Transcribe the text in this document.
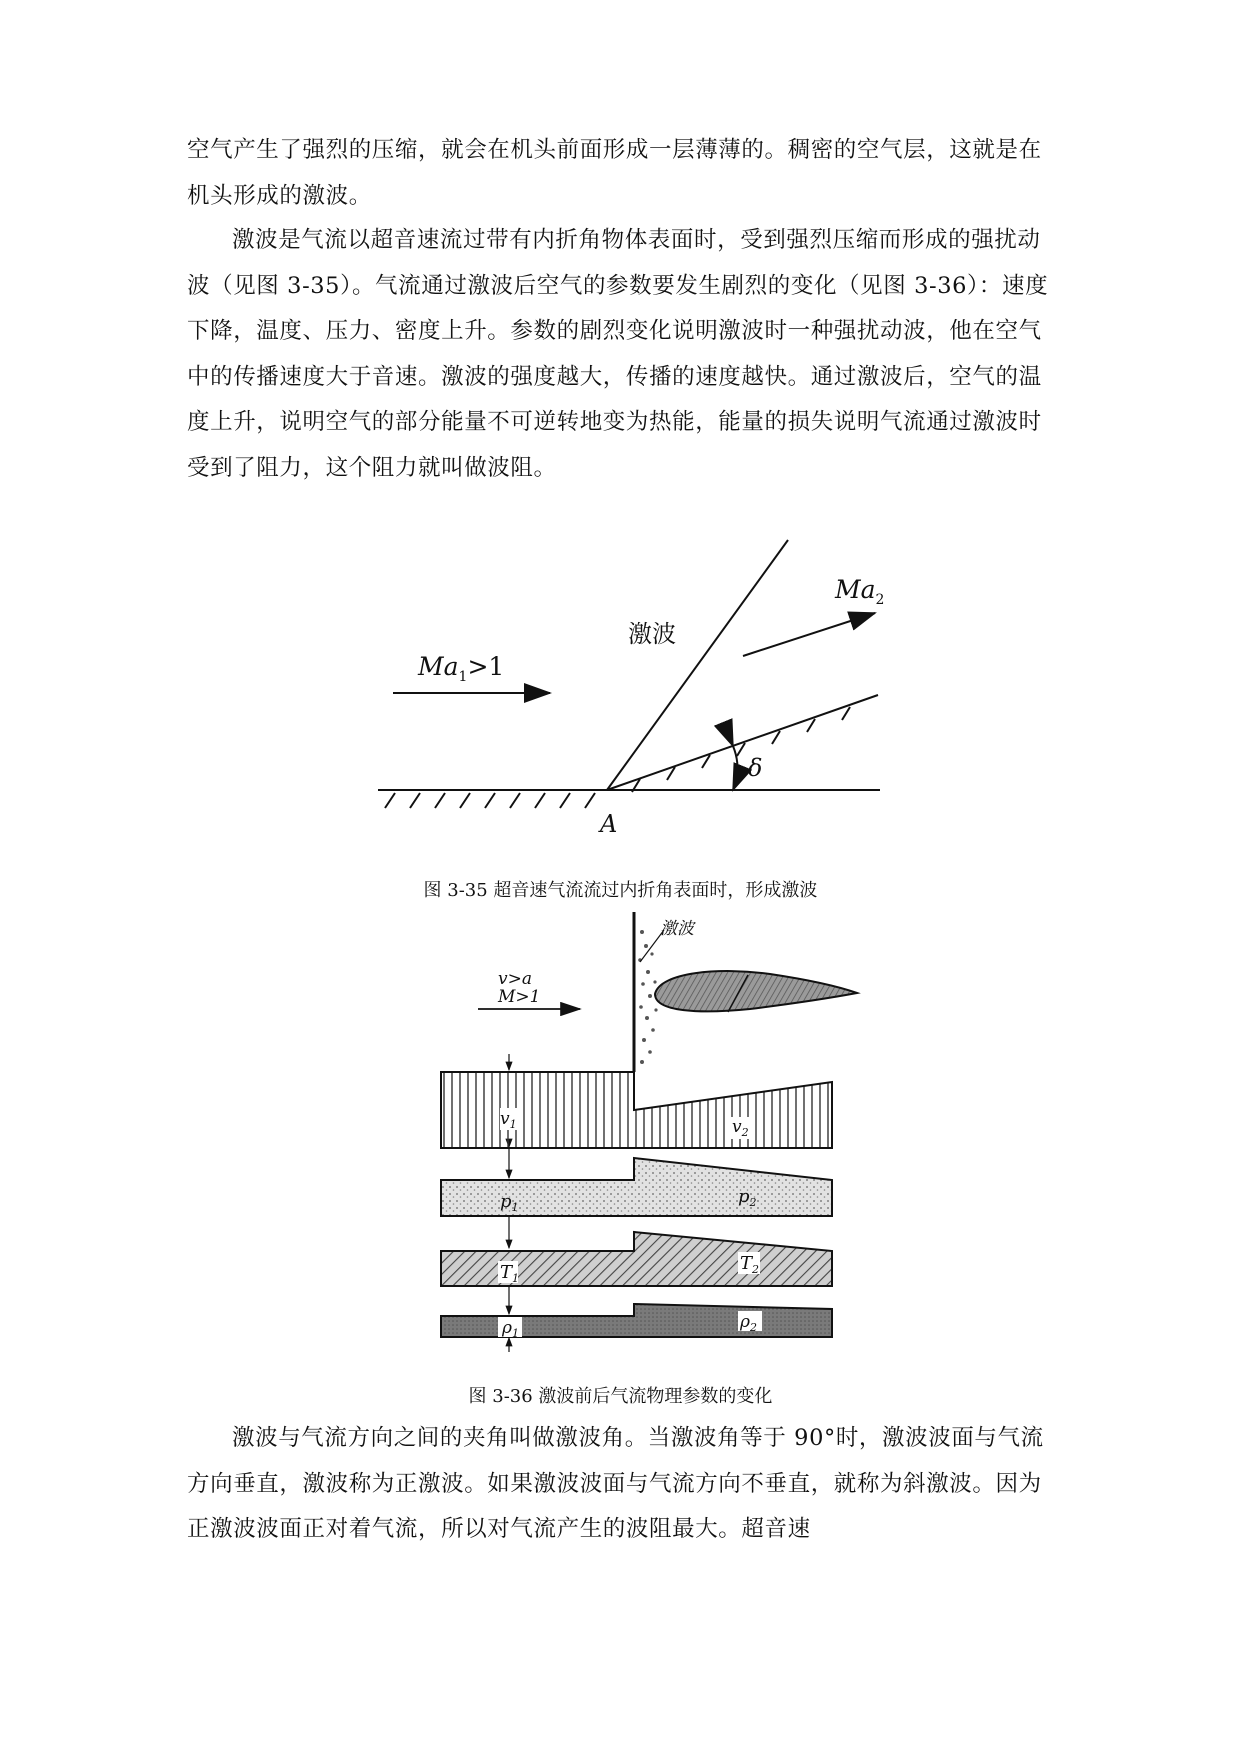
空气产生了强烈的压缩，就会在机头前面形成一层薄薄的。稠密的空气层，这就是在机头形成的激波。

激波是气流以超音速流过带有内折角物体表面时，受到强烈压缩而形成的强扰动波（见图 3-35）。气流通过激波后空气的参数要发生剧烈的变化（见图 3-36）：速度下降，温度、压力、密度上升。参数的剧烈变化说明激波时一种强扰动波，他在空气中的传播速度大于音速。激波的强度越大，传播的速度越快。通过激波后，空气的温度上升，说明空气的部分能量不可逆转地变为热能，能量的损失说明气流通过激波时受到了阻力，这个阻力就叫做波阻。

激波
$Ma_1>1$
$Ma_2$
δ
A
图 3-35 超音速气流流过内折角表面时，形成激波
激波
v>a
M>1
$v_1$	$v_2$
$p_1$
$p_2$
$T_1$
$T_2$
$\rho_1$
$\rho_2$
图 3-36 激波前后气流物理参数的变化

激波与气流方向之间的夹角叫做激波角。当激波角等于 90°时，激波波面与气流方向垂直，激波称为正激波。如果激波波面与气流方向不垂直，就称为斜激波。因为正激波波面正对着气流，所以对气流产生的波阻最大。超音速
